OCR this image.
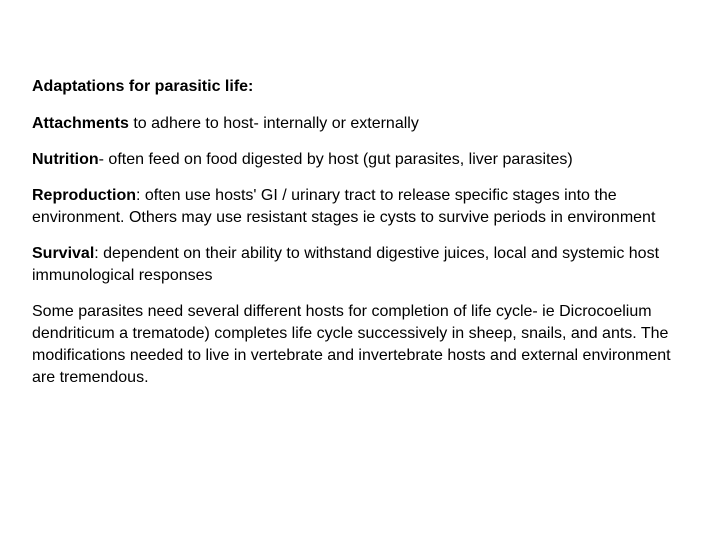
Adaptations for parasitic life:

Attachments to adhere to host‐ internally or externally

Nutrition‐ often feed on food digested by host (gut parasites, liver parasites)

Reproduction: often use hosts' GI / urinary tract to release specific stages into the environment. Others may use resistant stages ie cysts to survive periods in environment

Survival: dependent on their ability to withstand digestive juices, local and systemic host immunological responses

Some parasites need several different hosts for completion of life cycle‐ ie Dicrocoelium dendriticum a trematode) completes life cycle successively in sheep, snails, and ants. The modifications needed to live in vertebrate and invertebrate hosts and external environment are tremendous.
